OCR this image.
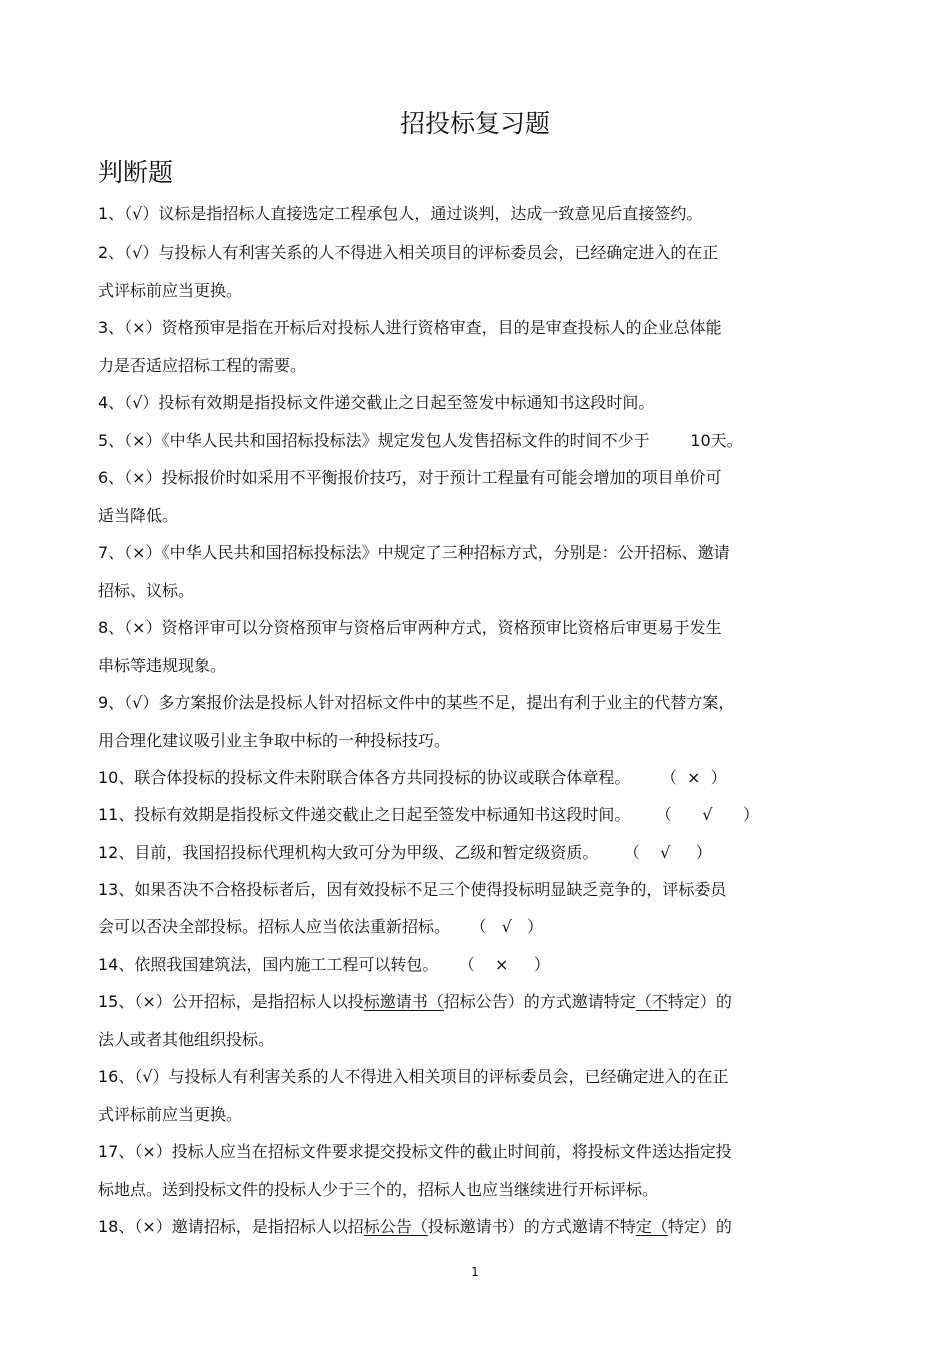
招投标复习题
判断题
1、（√）议标是指招标人直接选定工程承包人，通过谈判，达成一致意见后直接签约。
2、（√）与投标人有利害关系的人不得进入相关项目的评标委员会，已经确定进入的在正
式评标前应当更换。
3、（×）资格预审是指在开标后对投标人进行资格审查，目的是审查投标人的企业总体能
力是否适应招标工程的需要。
4、（√）投标有效期是指投标文件递交截止之日起至签发中标通知书这段时间。
5、（×）《中华人民共和国招标投标法》规定发包人发售招标文件的时间不少于        10天。
6、（×）投标报价时如采用不平衡报价技巧，对于预计工程量有可能会增加的项目单价可
适当降低。
7、（×）《中华人民共和国招标投标法》中规定了三种招标方式，分别是：公开招标、邀请
招标、议标。
8、（×）资格评审可以分资格预审与资格后审两种方式，资格预审比资格后审更易于发生
串标等违规现象。
9、（√）多方案报价法是投标人针对招标文件中的某些不足，提出有利于业主的代替方案，
用合理化建议吸引业主争取中标的一种投标技巧。
10、联合体投标的投标文件未附联合体各方共同投标的协议或联合体章程。      （  ×  ）
11、投标有效期是指投标文件递交截止之日起至签发中标通知书这段时间。     （      √      ）
12、目前，我国招投标代理机构大致可分为甲级、乙级和暂定级资质。     （    √     ）
13、如果否决不合格投标者后，因有效投标不足三个使得投标明显缺乏竞争的，评标委员
会可以否决全部投标。招标人应当依法重新招标。    （   √   ）
14、依照我国建筑法，国内施工工程可以转包。    （    ×     ）
15、（×）公开招标，是指招标人以投标邀请书（招标公告）的方式邀请特定（不特定）的
法人或者其他组织投标。
16、（√）与投标人有利害关系的人不得进入相关项目的评标委员会，已经确定进入的在正
式评标前应当更换。
17、（×）投标人应当在招标文件要求提交投标文件的截止时间前，将投标文件送达指定投
标地点。送到投标文件的投标人少于三个的，招标人也应当继续进行开标评标。
18、（×）邀请招标，是指招标人以招标公告（投标邀请书）的方式邀请不特定（特定）的
1
